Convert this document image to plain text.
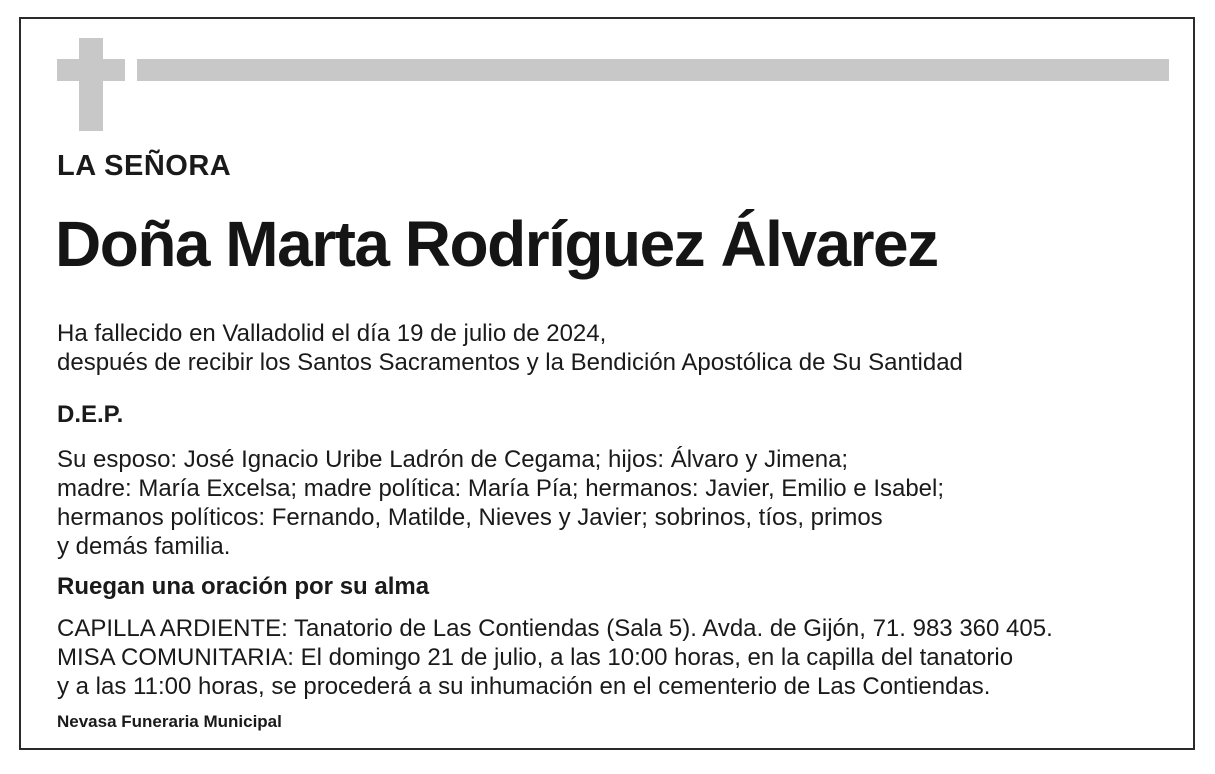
LA SEÑORA
Doña Marta Rodríguez Álvarez
Ha fallecido en Valladolid el día 19 de julio de 2024,
después de recibir los Santos Sacramentos y la Bendición Apostólica de Su Santidad
D.E.P.
Su esposo: José Ignacio Uribe Ladrón de Cegama; hijos: Álvaro y Jimena;
madre: María Excelsa; madre política: María Pía; hermanos: Javier, Emilio e Isabel;
hermanos políticos: Fernando, Matilde, Nieves y Javier; sobrinos, tíos, primos
y demás familia.
Ruegan una oración por su alma
CAPILLA ARDIENTE: Tanatorio de Las Contiendas (Sala 5). Avda. de Gijón, 71. 983 360 405.
MISA COMUNITARIA: El domingo 21 de julio, a las 10:00 horas, en la capilla del tanatorio
y a las 11:00 horas, se procederá a su inhumación en el cementerio de Las Contiendas.
Nevasa Funeraria Municipal
